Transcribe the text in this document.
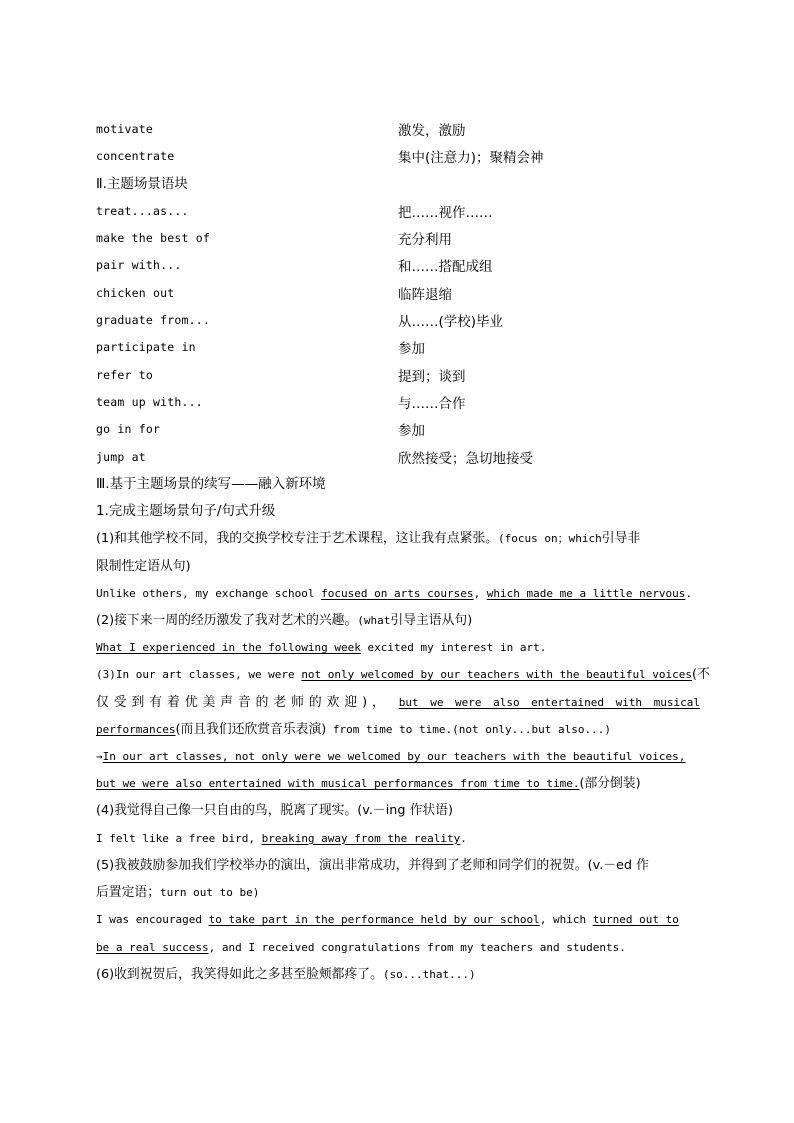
motivate	激发，激励
concentrate	集中(注意力)；聚精会神
Ⅱ.主题场景语块
treat...as...	把……视作……
make the best of	充分利用
pair with...	和……搭配成组
chicken out	临阵退缩
graduate from...	从……(学校)毕业
participate in	参加
refer to	提到；谈到
team up with...	与……合作
go in for	参加
jump at	欣然接受；急切地接受
Ⅲ.基于主题场景的续写——融入新环境
1.完成主题场景句子/句式升级
(1)和其他学校不同，我的交换学校专注于艺术课程，这让我有点紧张。(focus on；which引导非
限制性定语从句)
Unlike others, my exchange school focused on arts courses, which made me a little nervous.
(2)接下来一周的经历激发了我对艺术的兴趣。(what引导主语从句)
What I experienced in the following week excited my interest in art.
(3)In our art classes, we were not only welcomed by our teachers with the beautiful voices(不
仅受到有着优美声音的老师的欢迎)， but we were also entertained with musical
performances(而且我们还欣赏音乐表演) from time to time.(not only...but also...)
→In our art classes, not only were we welcomed by our teachers with the beautiful voices,
but we were also entertained with musical performances from time to time.(部分倒装)
(4)我觉得自己像一只自由的鸟，脱离了现实。(v.－ing 作状语)
I felt like a free bird, breaking away from the reality.
(5)我被鼓励参加我们学校举办的演出，演出非常成功，并得到了老师和同学们的祝贺。(v.－ed 作
后置定语；turn out to be)
I was encouraged to take part in the performance held by our school, which turned out to
be a real success, and I received congratulations from my teachers and students.
(6)收到祝贺后，我笑得如此之多甚至脸颊都疼了。(so...that...)
